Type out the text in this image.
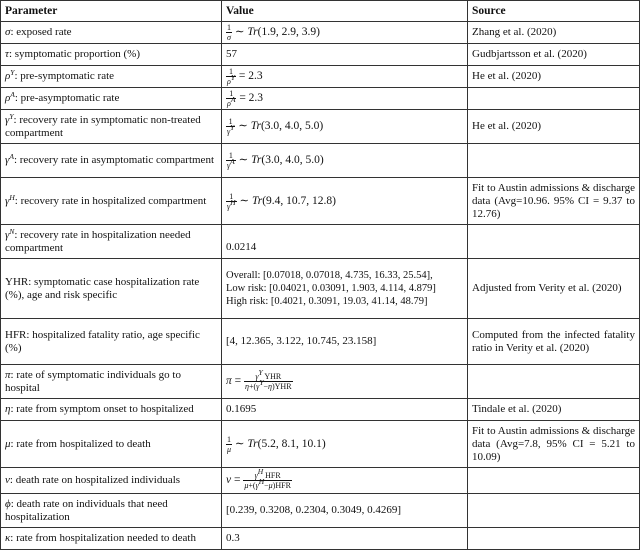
Parameter	Value	Source
σ: exposed rate	$\frac{1}{\sigma}$ ∼ Tr(1.9, 2.9, 3.9)	Zhang et al. (2020)
τ: symptomatic proportion (%)	57	Gudbjartsson et al. (2020)
$\rho^Y$: pre-symptomatic rate	$\frac{1}{\rho^Y} = 2.3$	He et al. (2020)
$\rho^A$: pre-asymptomatic rate	$\frac{1}{\rho^A} = 2.3$	
$\gamma^Y$: recovery rate in symptomatic non-treated compartment	$\frac{1}{\gamma^Y}$ ∼ Tr(3.0, 4.0, 5.0)	He et al. (2020)
$\gamma^A$: recovery rate in asymptomatic compartment	$\frac{1}{\gamma^A}$ ∼ Tr(3.0, 4.0, 5.0)	
$\gamma^H$: recovery rate in hospitalized compartment	$\frac{1}{\gamma^H}$ ∼ Tr(9.4, 10.7, 12.8)	Fit to Austin admissions & discharge data (Avg=10.96. 95% CI = 9.37 to 12.76)
$\gamma^N$: recovery rate in hospitalization needed compartment	0.0214	
YHR: symptomatic case hospitalization rate (%), age and risk specific	Overall: [0.07018, 0.07018, 4.735, 16.33, 25.54],
Low risk: [0.04021, 0.03091, 1.903, 4.114, 4.879]
High risk: [0.4021, 0.3091, 19.03, 41.14, 48.79]	Adjusted from Verity et al. (2020)
HFR: hospitalized fatality ratio, age specific (%)	[4, 12.365, 3.122, 10.745, 23.158]	Computed from the infected fatality ratio in Verity et al. (2020)
π: rate of symptomatic individuals go to hospital	$\pi = \frac{\gamma^Y YHR}{\eta+(\gamma^Y-\eta)YHR}$

η: rate from symptom onset to hospitalized	0.1695	Tindale et al. (2020)
μ: rate from hospitalized to death	$\frac{1}{\mu}$ ∼ Tr(5.2, 8.1, 10.1)	Fit to Austin admissions & discharge data (Avg=7.8, 95% CI = 5.21 to 10.09)
ν: death rate on hospitalized individuals	$\nu = \frac{\gamma^H HFR}{\mu+(\gamma^H-\mu)HFR}$

ϕ: death rate on individuals that need hospitalization	[0.239, 0.3208, 0.2304, 0.3049, 0.4269]	
κ: rate from hospitalization needed to death	0.3	
